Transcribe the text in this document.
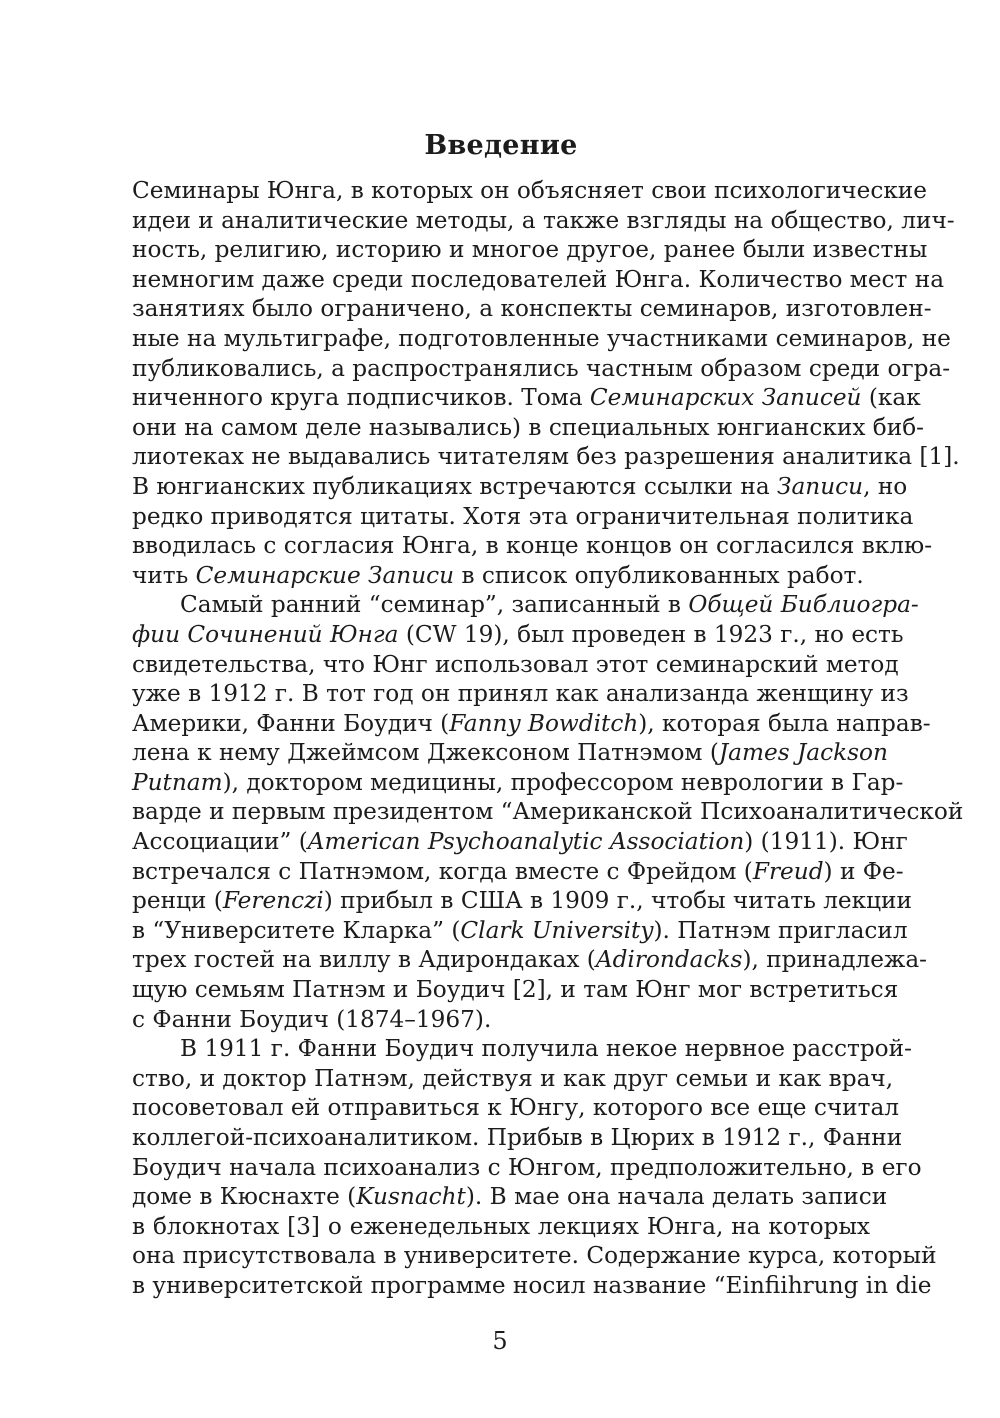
Введение
Семинары Юнга, в которых он объясняет свои психологические
идеи и аналитические методы, а также взгляды на общество, лич-
ность, религию, историю и многое другое, ранее были известны
немногим даже среди последователей Юнга. Количество мест на
занятиях было ограничено, а конспекты семинаров, изготовлен-
ные на мультиграфе, подготовленные участниками семинаров, не
публиковались, а распространялись частным образом среди огра-
ниченного круга подписчиков. Тома Семинарских Записей (как
они на самом деле назывались) в специальных юнгианских биб-
лиотеках не выдавались читателям без разрешения аналитика [1].
В юнгианских публикациях встречаются ссылки на Записи, но
редко приводятся цитаты. Хотя эта ограничительная политика
вводилась с согласия Юнга, в конце концов он согласился вклю-
чить Семинарские Записи в список опубликованных работ.
Самый ранний “семинар”, записанный в Общей Библиогра-
фии Сочинений Юнга (CW 19), был проведен в 1923 г., но есть
свидетельства, что Юнг использовал этот семинарский метод
уже в 1912 г. В тот год он принял как анализанда женщину из
Америки, Фанни Боудич (Fanny Bowditch), которая была направ-
лена к нему Джеймсом Джексоном Патнэмом (James Jackson
Putnam), доктором медицины, профессором неврологии в Гар-
варде и первым президентом “Американской Психоаналитической
Ассоциации” (American Psychoanalytic Association) (1911). Юнг
встречался с Патнэмом, когда вместе с Фрейдом (Freud) и Фе-
ренци (Ferenczi) прибыл в США в 1909 г., чтобы читать лекции
в “Университете Кларка” (Clark University). Патнэм пригласил
трех гостей на виллу в Адирондаках (Adirondacks), принадлежа-
щую семьям Патнэм и Боудич [2], и там Юнг мог встретиться
с Фанни Боудич (1874–1967).
В 1911 г. Фанни Боудич получила некое нервное расстрой-
ство, и доктор Патнэм, действуя и как друг семьи и как врач,
посоветовал ей отправиться к Юнгу, которого все еще считал
коллегой-психоаналитиком. Прибыв в Цюрих в 1912 г., Фанни
Боудич начала психоанализ с Юнгом, предположительно, в его
доме в Кюснахте (Kusnacht). В мае она начала делать записи
в блокнотах [3] о еженедельных лекциях Юнга, на которых
она присутствовала в университете. Содержание курса, который
в университетской программе носил название “Einfiihrung in die
5
